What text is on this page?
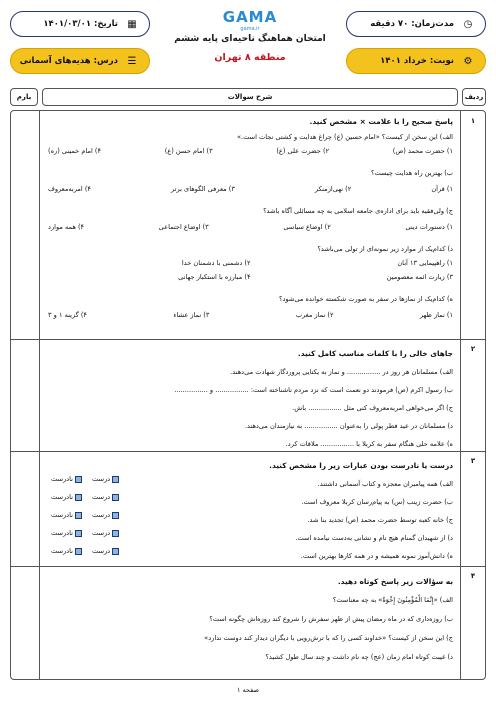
◷
مدت‌زمان: ۷۰ دقیقه
▦
تاریخ: ۱۴۰۱/۰۳/۰۱
⚙
نوبت: خرداد ۱۴۰۱
☰
درس: هدیه‌های آسمانی
GAMA
gama.ir
امتحان هماهنگ ناحیه‌ای پایه ششم
منطقه ۸ تهران
ردیف
شرح سوالات
بارم
۱
پاسخ صحیح را با علامت × مشخص کنید.
الف) این سخن از کیست؟ «امام حسین (ع) چراغ هدایت و کشتی نجات است.»
۱) حضرت محمد (ص)
۲) حضرت علی (ع)
۳) امام حسن (ع)
۴) امام خمینی (ره)
ب) بهترین راه هدایت چیست؟
۱) قرآن
۲) نهی‌ازمنکر
۳) معرفی الگوهای برتر
۴) امربه‌معروف
ج) ولی‌فقیه باید برای اداره‌ی جامعه اسلامی به چه مسائلی آگاه باشد؟
۱) دستورات دینی
۲) اوضاع سیاسی
۳) اوضاع اجتماعی
۴) همه موارد
د) کدام‌یک از موارد زیر نمونه‌ای از تولی می‌باشد؟
۱) راهپیمایی ۱۳ آبان
۳) زیارت ائمه معصومین
۲) دشمنی با دشمنان خدا
۴) مبارزه با استکبار جهانی
ه) کدام‌یک از نمازها در سفر به صورت شکسته خوانده می‌شود؟
۱) نماز ظهر
۲) نماز مغرب
۳) نماز عشاء
۴) گزینه ۱ و ۳
۲
جاهای خالی را با کلمات مناسب کامل کنید.
الف) مسلمانان هر روز در ................ و نماز به یکتایی پروردگار شهادت می‌دهند.
ب) رسول اکرم (ص) فرمودند دو نعمت است که نزد مردم ناشناخته است: ................ و ................
ج) اگر می‌خواهی امربه‌معروف کنی مثل ................ باش.
د) مسلمانان در عید فطر پولی را به‌عنوان ................ به نیازمندان می‌دهند.
ه) علامه حلی هنگام سفر به کربلا با ................ ملاقات کرد.
۳
درست یا نادرست بودن عبارات زیر را مشخص کنید.
الف) همه پیامبران معجزه و کتاب آسمانی داشتند.
ب) حضرت زینب (س) به پیام‌رسان کربلا معروف است.
ج) خانه کعبه توسط حضرت محمد (ص) تجدید بنا شد.
د) از شهیدان گمنام هیچ نام و نشانی به‌دست نیامده است.
ه) دانش‌آموز نمونه همیشه و در همه کارها بهترین است.
درست
نادرست
درست
نادرست
درست
نادرست
درست
نادرست
درست
نادرست
۴
به سؤالات زیر پاسخ کوتاه دهید.
الف) «إِنَّمَا الْمُؤْمِنُونَ إِخْوَةٌ» به چه معناست؟
ب) روزه‌داری که در ماه رمضان پیش از ظهر سفرش را شروع کند روزه‌اش چگونه است؟
ج) این سخن از کیست؟ «خداوند کسی را که با ترش‌رویی با دیگران دیدار کند دوست ندارد»
د) غیبت کوتاه امام زمان (عج) چه نام داشت و چند سال طول کشید؟
صفحه ۱
